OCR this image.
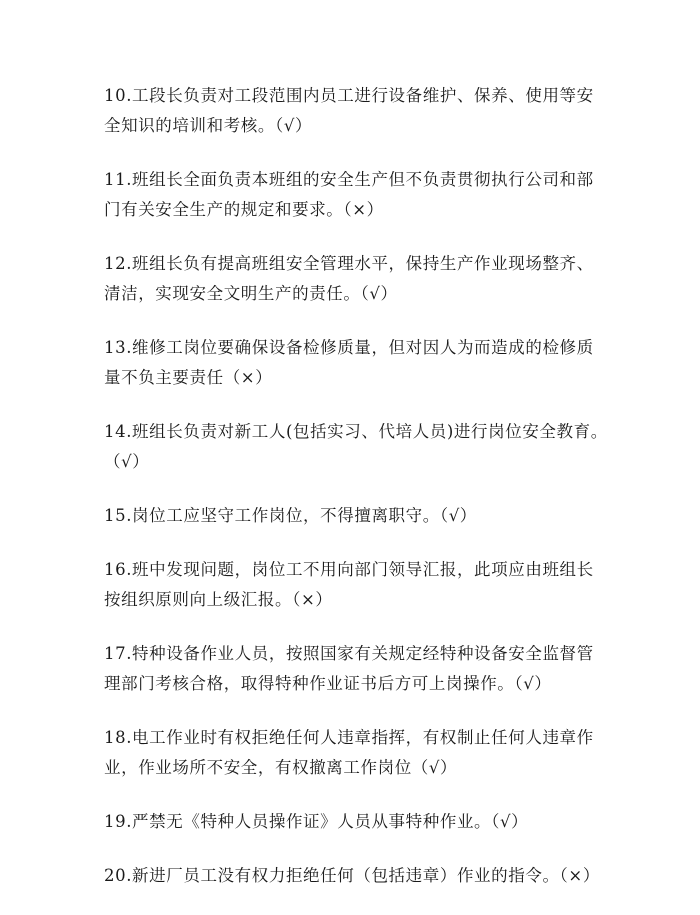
10.工段长负责对工段范围内员工进行设备维护、保养、使用等安
全知识的培训和考核。（√）
11.班组长全面负责本班组的安全生产但不负责贯彻执行公司和部
门有关安全生产的规定和要求。（×）
12.班组长负有提高班组安全管理水平，保持生产作业现场整齐、
清洁，实现安全文明生产的责任。（√）
13.维修工岗位要确保设备检修质量，但对因人为而造成的检修质
量不负主要责任（×）
14.班组长负责对新工人(包括实习、代培人员)进行岗位安全教育。
（√）
15.岗位工应坚守工作岗位，不得擅离职守。（√）
16.班中发现问题，岗位工不用向部门领导汇报，此项应由班组长
按组织原则向上级汇报。（×）
17.特种设备作业人员，按照国家有关规定经特种设备安全监督管
理部门考核合格，取得特种作业证书后方可上岗操作。（√）
18.电工作业时有权拒绝任何人违章指挥，有权制止任何人违章作
业，作业场所不安全，有权撤离工作岗位（√）
19.严禁无《特种人员操作证》人员从事特种作业。（√）
20.新进厂员工没有权力拒绝任何（包括违章）作业的指令。（×）
